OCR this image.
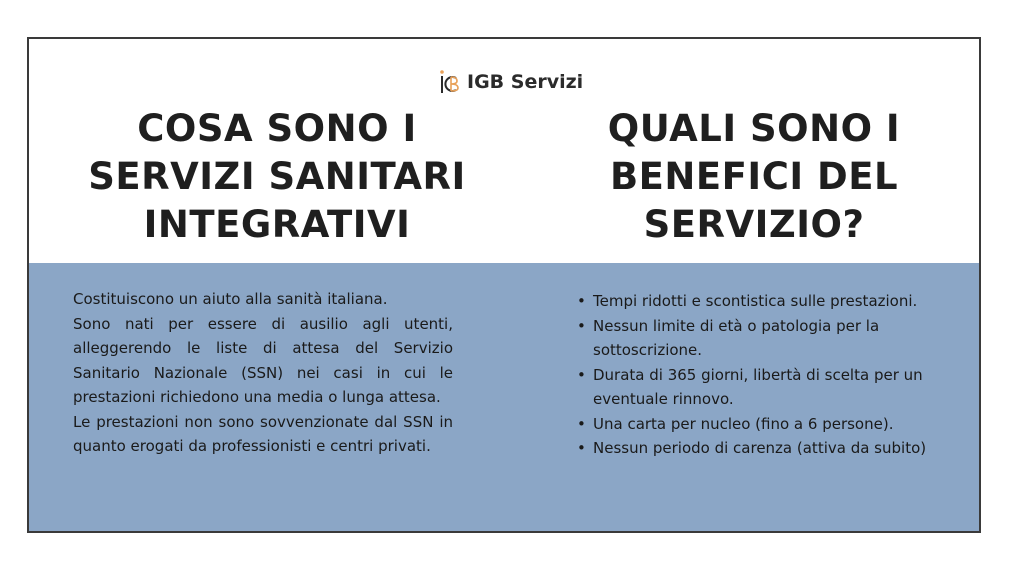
IGB Servizi
COSA SONO I
SERVIZI SANITARI
INTEGRATIVI
QUALI SONO I
BENEFICI DEL
SERVIZIO?

Costituiscono un aiuto alla sanità italiana.
Sono nati per essere di ausilio agli utenti, alleggerendo le liste di attesa del Servizio Sanitario Nazionale (SSN) nei casi in cui le prestazioni richiedono una media o lunga attesa.
Le prestazioni non sono sovvenzionate dal SSN in quanto erogati da professionisti e centri privati.

• Tempi ridotti e scontistica sulle prestazioni.
• Nessun limite di età o patologia per la sottoscrizione.
• Durata di 365 giorni, libertà di scelta per un eventuale rinnovo.
• Una carta per nucleo (fino a 6 persone).
• Nessun periodo di carenza (attiva da subito)
